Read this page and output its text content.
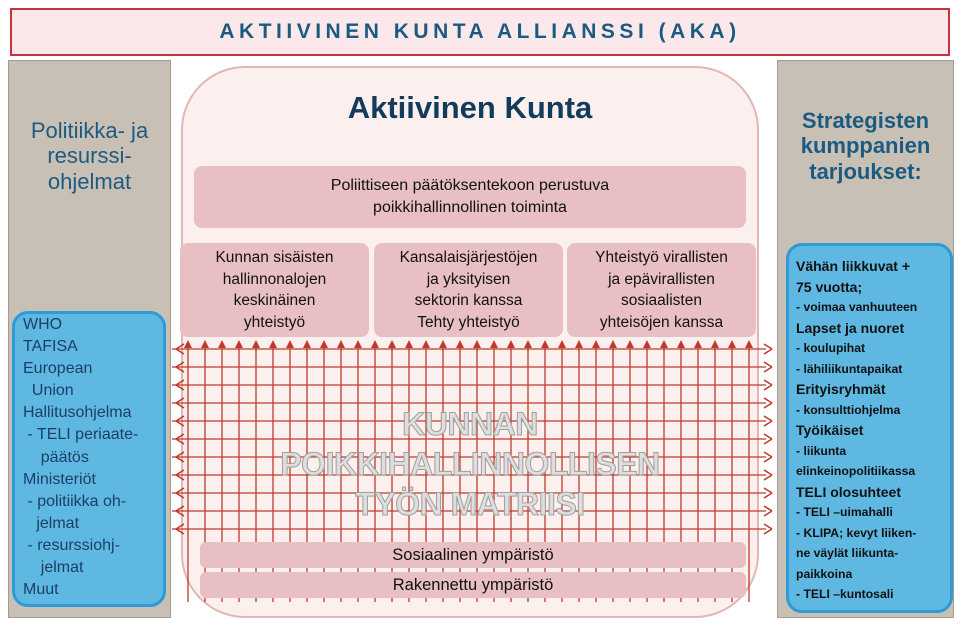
AKTIIVINEN KUNTA ALLIANSSI (AKA)
Politiikka- ja
resurssi-
ohjelmat
Strategisten
kumppanien
tarjoukset:
Aktiivinen Kunta
Poliittiseen päätöksentekoon perustuva
poikkihallinnollinen toiminta
Kunnan sisäisten
hallinnonalojen
keskinäinen
yhteistyö
Kansalaisjärjestöjen
ja yksityisen
sektorin kanssa
Tehty yhteistyö
Yhteistyö virallisten
ja epävirallisten
sosiaalisten
yhteisöjen kanssa
KUNNAN
POIKKIHALLINNOLLISEN
TYÖN MATRIISI
Sosiaalinen ympäristö
Rakennettu ympäristö
WHO
TAFISA
European
Union
Hallitusohjelma
- TELI periaate-
päätös
Ministeriöt
- politiikka oh-
jelmat
- resurssiohj-
jelmat
Muut
Vähän liikkuvat +
75 vuotta;
- voimaa vanhuuteen
Lapset ja nuoret
- koulupihat
- lähiliikuntapaikat
Erityisryhmät
- konsulttiohjelma
Työikäiset
- liikunta
elinkeinopolitiikassa
TELI olosuhteet
- TELI –uimahalli
- KLIPA; kevyt liiken-
ne väylät liikunta-
paikkoina
- TELI –kuntosali
